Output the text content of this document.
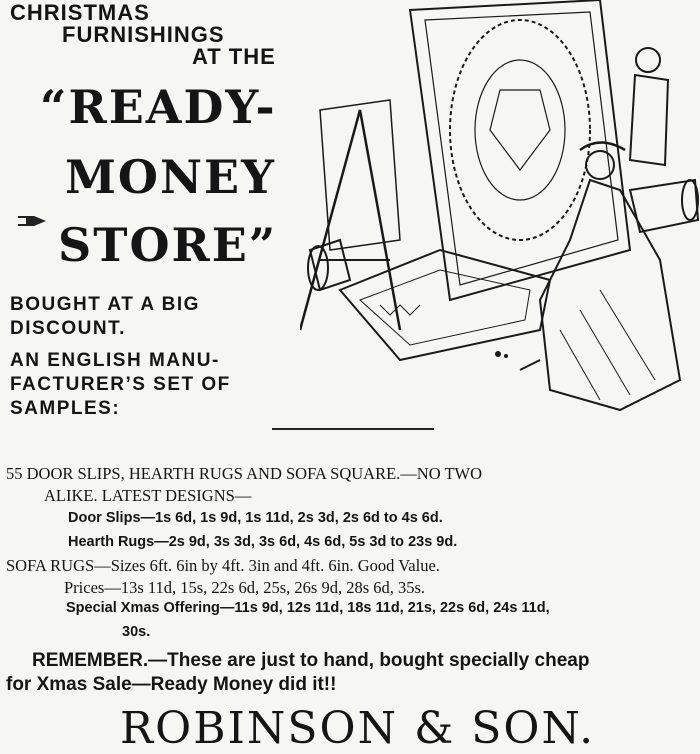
CHRISTMAS
FURNISHINGS
AT THE
“READY-
MONEY
STORE”
BOUGHT AT A BIG
DISCOUNT.
AN ENGLISH MANU-
FACTURER’S SET OF
SAMPLES:
55 DOOR SLIPS, HEARTH RUGS AND SOFA SQUARE.—NO TWO
ALIKE. LATEST DESIGNS—
Door Slips—1s 6d, 1s 9d, 1s 11d, 2s 3d, 2s 6d to 4s 6d.
Hearth Rugs—2s 9d, 3s 3d, 3s 6d, 4s 6d, 5s 3d to 23s 9d.
SOFA RUGS—Sizes 6ft. 6in by 4ft. 3in and 4ft. 6in. Good Value.
Prices—13s 11d, 15s, 22s 6d, 25s, 26s 9d, 28s 6d, 35s.
Special Xmas Offering—11s 9d, 12s 11d, 18s 11d, 21s, 22s 6d, 24s 11d,
30s.
REMEMBER.—These are just to hand, bought specially cheap
for Xmas Sale—Ready Money did it!!
ROBINSON & SON.
